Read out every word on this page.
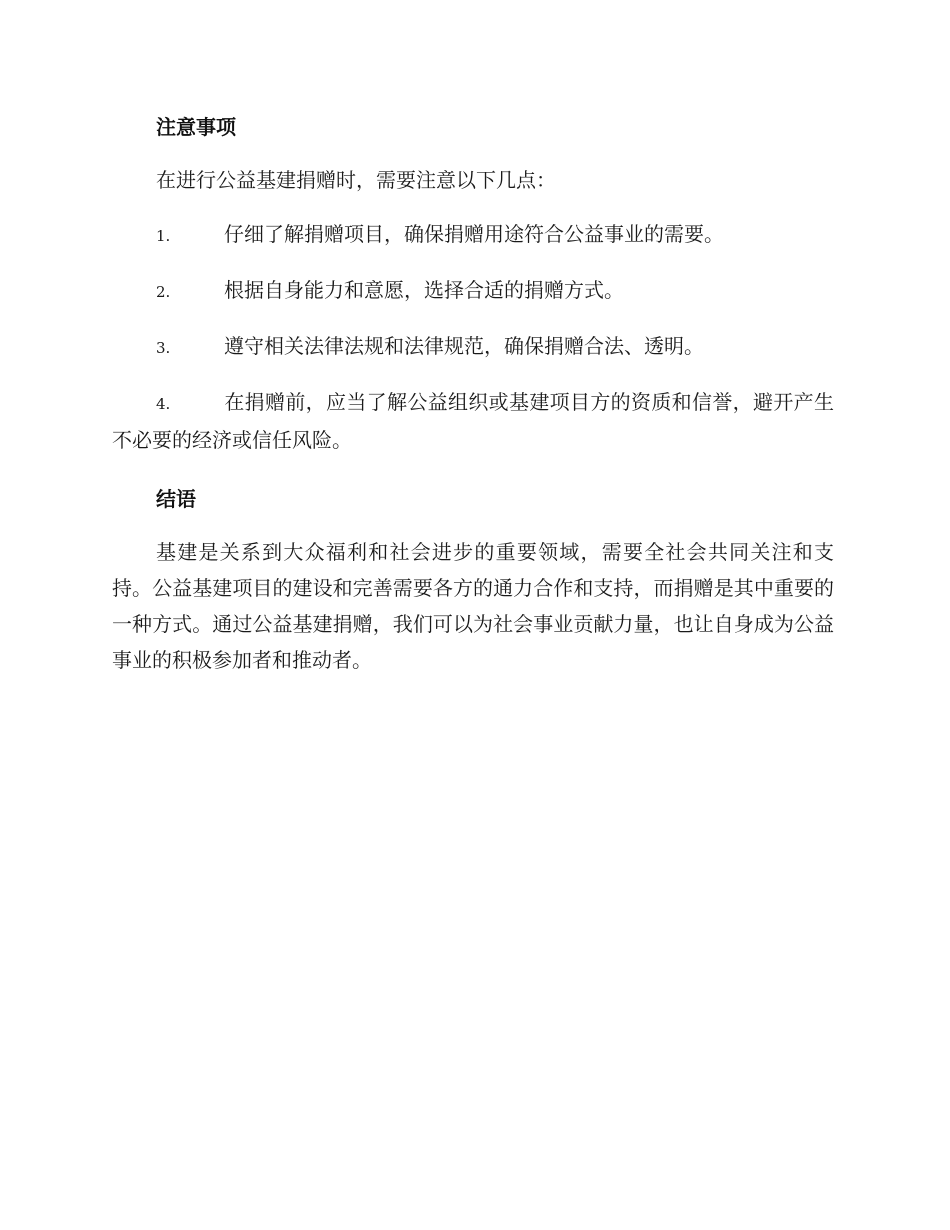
注意事项

在进行公益基建捐赠时，需要注意以下几点：

1.	仔细了解捐赠项目，确保捐赠用途符合公益事业的需要。
2.	根据自身能力和意愿，选择合适的捐赠方式。
3.	遵守相关法律法规和法律规范，确保捐赠合法、透明。
4.	在捐赠前，应当了解公益组织或基建项目方的资质和信誉，避开产生不必要的经济或信任风险。
结语

基建是关系到大众福利和社会进步的重要领域，需要全社会共同关注和支持。公益基建项目的建设和完善需要各方的通力合作和支持，而捐赠是其中重要的一种方式。通过公益基建捐赠，我们可以为社会事业贡献力量，也让自身成为公益事业的积极参加者和推动者。
